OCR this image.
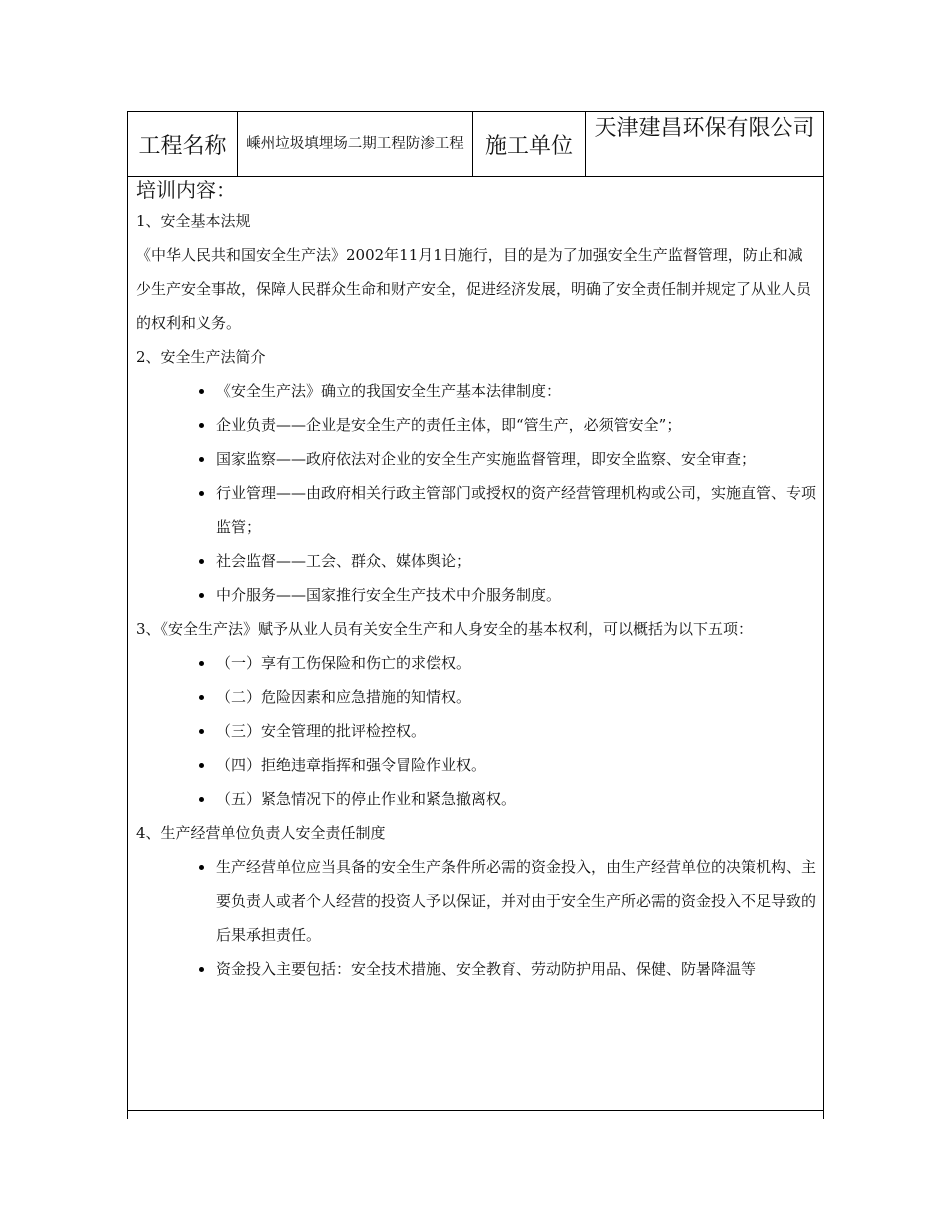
工程名称	嵊州垃圾填埋场二期工程防渗工程 施工单位
天津建昌环保有限公司
培训内容：

1、安全基本法规

《中华人民共和国安全生产法》2002年11月1日施行，目的是为了加强安全生产监督管理，防止和减少生产安全事故，保障人民群众生命和财产安全，促进经济发展，明确了安全责任制并规定了从业人员的权利和义务。

2、安全生产法简介

《安全生产法》确立的我国安全生产基本法律制度：
企业负责——企业是安全生产的责任主体，即“管生产，必须管安全”；
国家监察——政府依法对企业的安全生产实施监督管理，即安全监察、安全审查；
行业管理——由政府相关行政主管部门或授权的资产经营管理机构或公司，实施直管、专项监管；
社会监督——工会、群众、媒体舆论；
中介服务——国家推行安全生产技术中介服务制度。

3、《安全生产法》赋予从业人员有关安全生产和人身安全的基本权利，可以概括为以下五项：

（一）享有工伤保险和伤亡的求偿权。
（二）危险因素和应急措施的知情权。
（三）安全管理的批评检控权。
（四）拒绝违章指挥和强令冒险作业权。
（五）紧急情况下的停止作业和紧急撤离权。

4、生产经营单位负责人安全责任制度

生产经营单位应当具备的安全生产条件所必需的资金投入，由生产经营单位的决策机构、主要负责人或者个人经营的投资人予以保证，并对由于安全生产所必需的资金投入不足导致的后果承担责任。
资金投入主要包括：安全技术措施、安全教育、劳动防护用品、保健、防暑降温等
